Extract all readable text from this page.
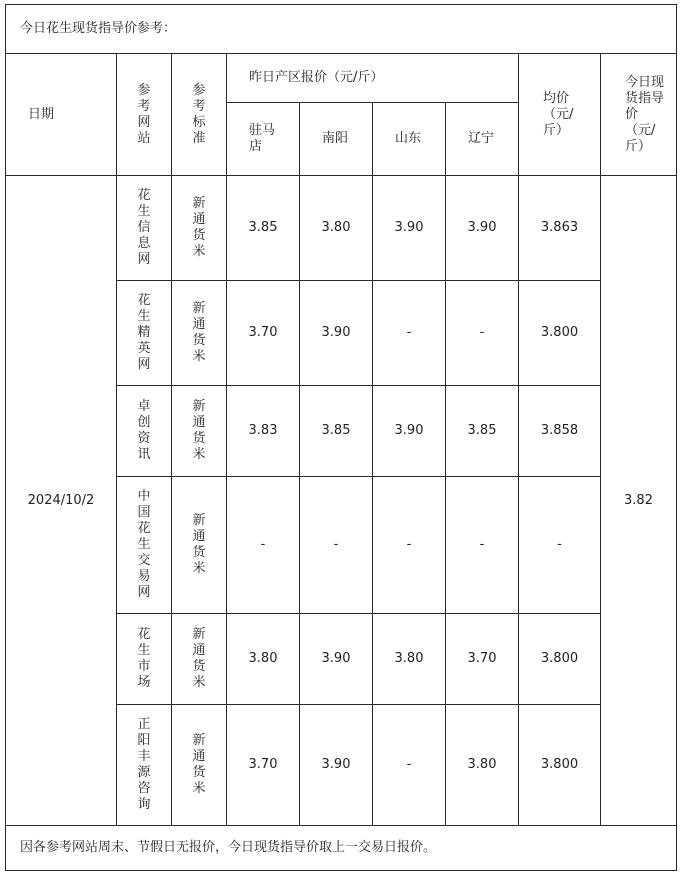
今日花生现货指导价参考：								
日期	参考网站	参考标准	昨日产区报价（元/斤）				均价（元/斤）	今日现货指导价（元/斤）
			驻马店	南阳	山东	辽宁		
2024/10/2	花生信息网	新通货米	3.85	3.80	3.90	3.90	3.863	3.82
	花生精英网	新通货米	3.70	3.90	-	-	3.800	
	卓创资讯	新通货米	3.83	3.85	3.90	3.85	3.858	
	中国花生交易网	新通货米	-	-	-	-	-	
	花生市场	新通货米	3.80	3.90	3.80	3.70	3.800	
	正阳丰源咨询	新通货米	3.70	3.90	-	3.80	3.800	
因各参考网站周末、节假日无报价，今日现货指导价取上一交易日报价。								
